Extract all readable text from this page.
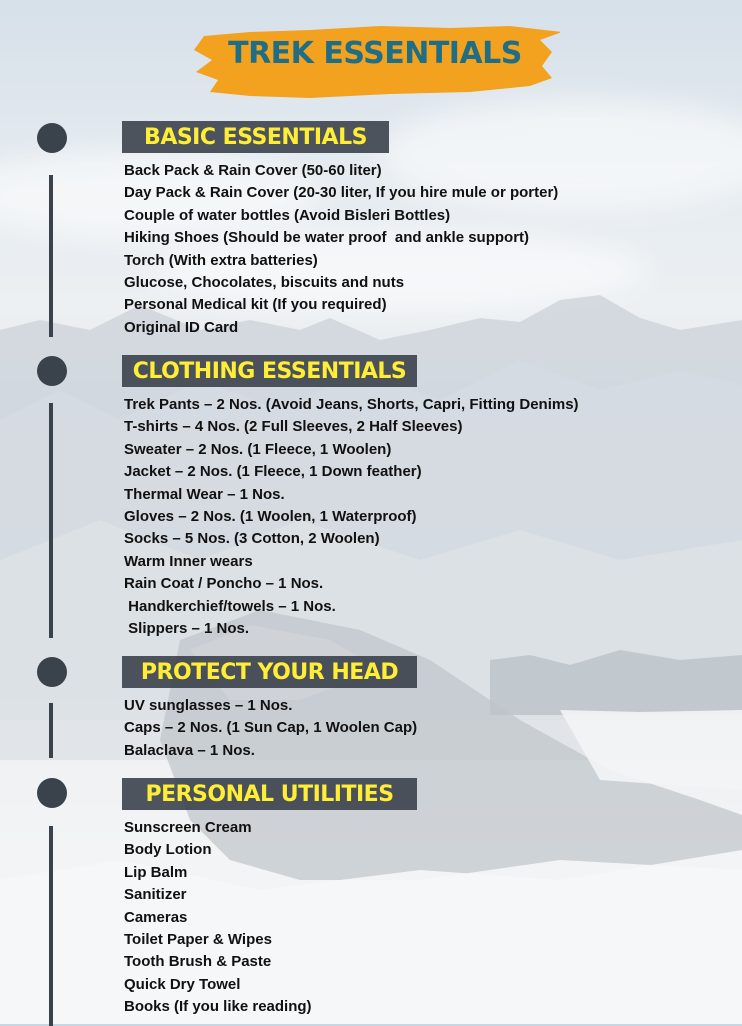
TREK ESSENTIALS
BASIC ESSENTIALS
Back Pack & Rain Cover (50-60 liter)
Day Pack & Rain Cover (20-30 liter, If you hire mule or porter)
Couple of water bottles (Avoid Bisleri Bottles)
Hiking Shoes (Should be water proof  and ankle support)
Torch (With extra batteries)
Glucose, Chocolates, biscuits and nuts
Personal Medical kit (If you required)
Original ID Card
CLOTHING ESSENTIALS
Trek Pants – 2 Nos. (Avoid Jeans, Shorts, Capri, Fitting Denims)
T-shirts – 4 Nos. (2 Full Sleeves, 2 Half Sleeves)
Sweater – 2 Nos. (1 Fleece, 1 Woolen)
Jacket – 2 Nos. (1 Fleece, 1 Down feather)
Thermal Wear – 1 Nos.
Gloves – 2 Nos. (1 Woolen, 1 Waterproof)
Socks – 5 Nos. (3 Cotton, 2 Woolen)
Warm Inner wears
Rain Coat / Poncho – 1 Nos.
Handkerchief/towels – 1 Nos.
Slippers – 1 Nos.
PROTECT YOUR HEAD
UV sunglasses – 1 Nos.
Caps – 2 Nos. (1 Sun Cap, 1 Woolen Cap)
Balaclava – 1 Nos.
PERSONAL UTILITIES
Sunscreen Cream
Body Lotion
Lip Balm
Sanitizer
Cameras
Toilet Paper & Wipes
Tooth Brush & Paste
Quick Dry Towel
Books (If you like reading)
